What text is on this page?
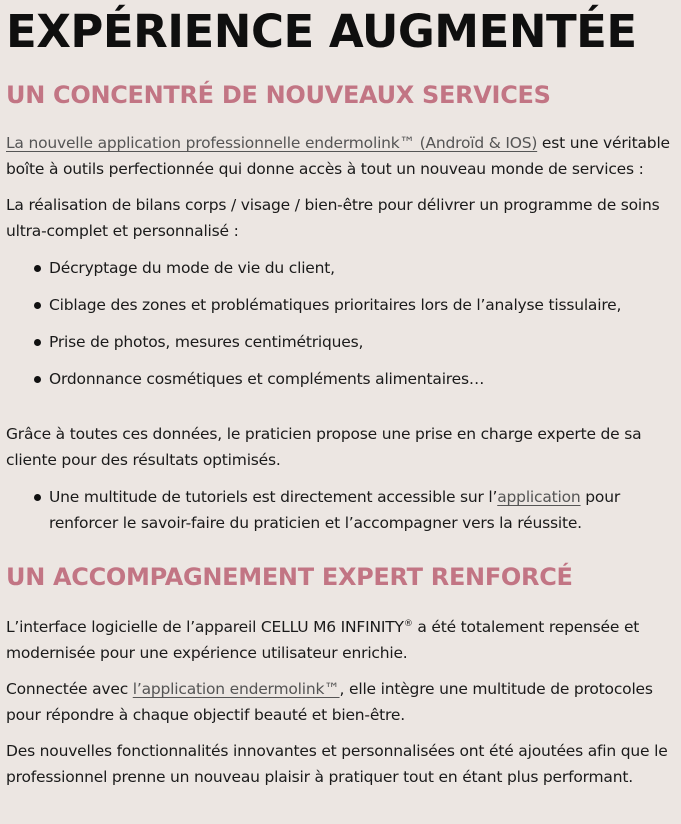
EXPÉRIENCE AUGMENTÉE
UN CONCENTRÉ DE NOUVEAUX SERVICES

La nouvelle application professionnelle endermolink™ (Androïd & IOS) est une véritable boîte à outils perfectionnée qui donne accès à tout un nouveau monde de services :

La réalisation de bilans corps / visage / bien-être pour délivrer un programme de soins ultra-complet et personnalisé :

Décryptage du mode de vie du client,
Ciblage des zones et problématiques prioritaires lors de l’analyse tissulaire,
Prise de photos, mesures centimétriques,
Ordonnance cosmétiques et compléments alimentaires…

Grâce à toutes ces données, le praticien propose une prise en charge experte de sa cliente pour des résultats optimisés.

Une multitude de tutoriels est directement accessible sur l’application pour renforcer le savoir-faire du praticien et l’accompagner vers la réussite.
UN ACCOMPAGNEMENT EXPERT RENFORCÉ

L’interface logicielle de l’appareil CELLU M6 INFINITY® a été totalement repensée et modernisée pour une expérience utilisateur enrichie.

Connectée avec l’application endermolink™, elle intègre une multitude de protocoles pour répondre à chaque objectif beauté et bien-être.

Des nouvelles fonctionnalités innovantes et personnalisées ont été ajoutées afin que le professionnel prenne un nouveau plaisir à pratiquer tout en étant plus performant.
